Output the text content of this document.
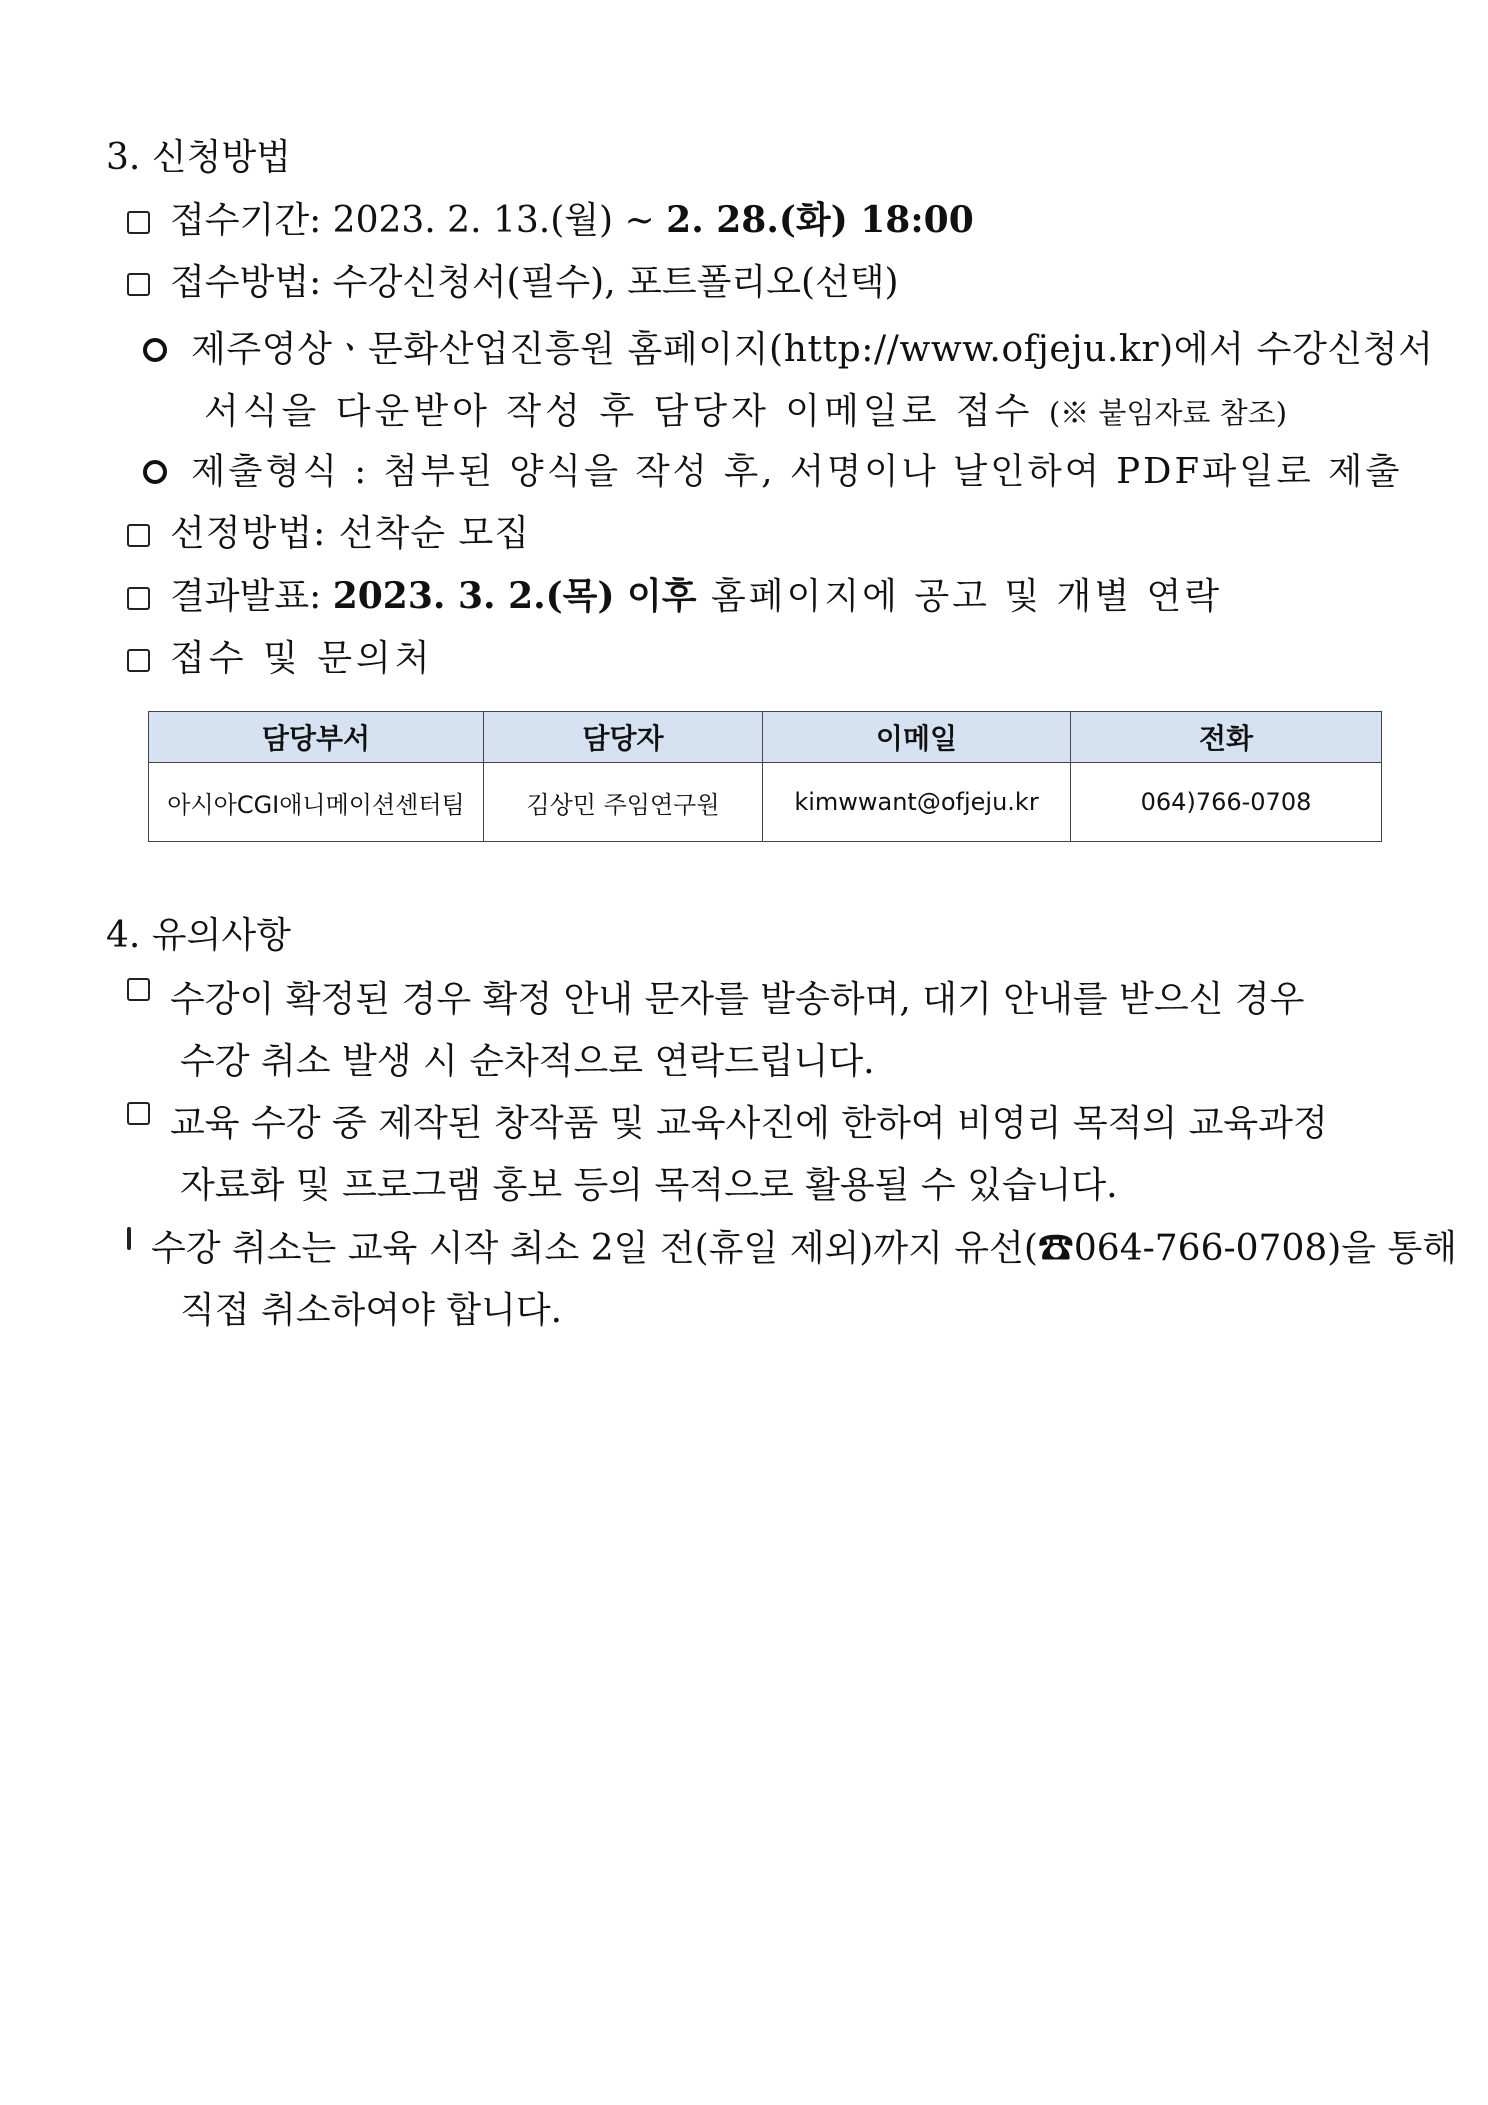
3. 신청방법
접수기간: 2023. 2. 13.(월) ~ 2. 28.(화) 18:00
접수방법: 수강신청서(필수), 포트폴리오(선택)
제주영상ㆍ문화산업진흥원 홈페이지(http://www.ofjeju.kr)에서 수강신청서
서식을 다운받아 작성 후 담당자 이메일로 접수 (※ 붙임자료 참조)
제출형식 : 첨부된 양식을 작성 후, 서명이나 날인하여 PDF파일로 제출
선정방법: 선착순 모집
결과발표: 2023. 3. 2.(목) 이후 홈페이지에 공고 및 개별 연락
접수 및 문의처
담당부서	담당자	이메일	전화
아시아CGI애니메이션센터팀	김상민 주임연구원	kimwwant@ofjeju.kr	064)766-0708
4. 유의사항
수강이 확정된 경우 확정 안내 문자를 발송하며, 대기 안내를 받으신 경우
수강 취소 발생 시 순차적으로 연락드립니다.
교육 수강 중 제작된 창작품 및 교육사진에 한하여 비영리 목적의 교육과정
자료화 및 프로그램 홍보 등의 목적으로 활용될 수 있습니다.
수강 취소는 교육 시작 최소 2일 전(휴일 제외)까지 유선(☎064-766-0708)을 통해
직접 취소하여야 합니다.
